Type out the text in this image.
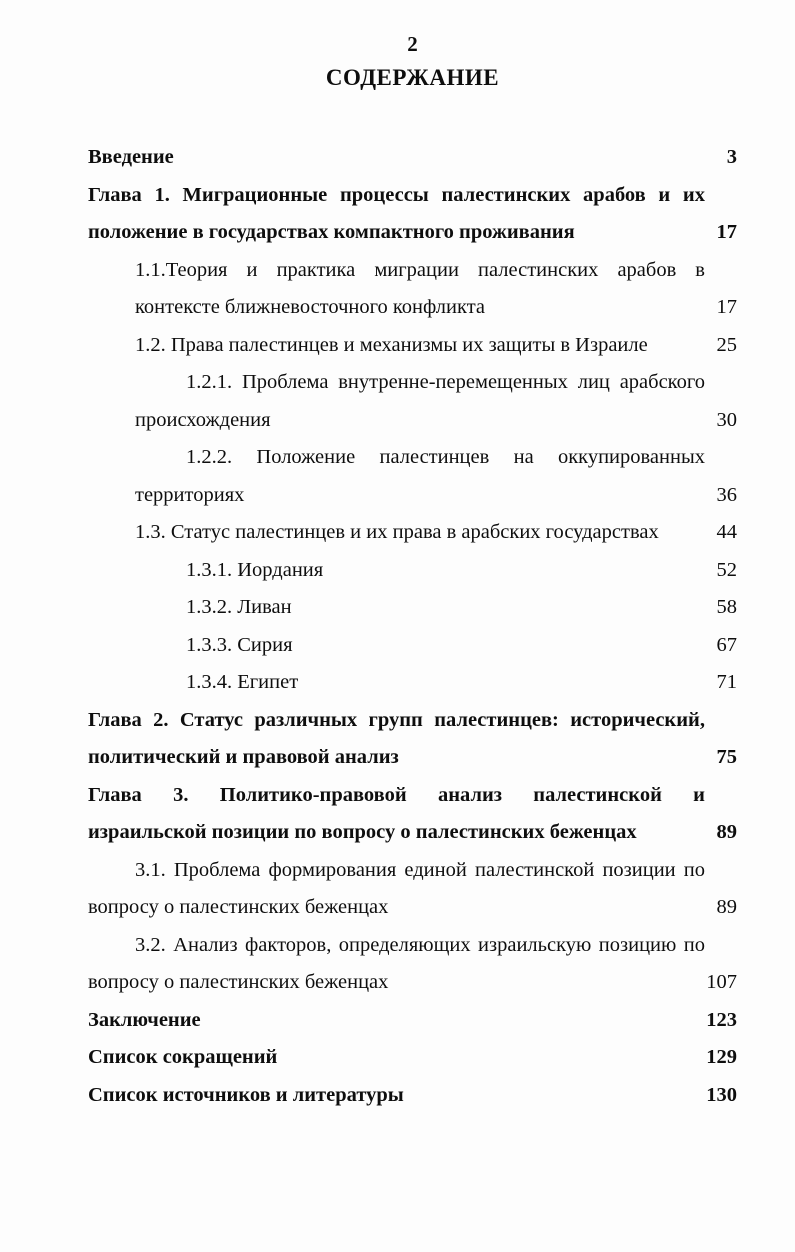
2
СОДЕРЖАНИЕ
Введение	3
Глава 1. Миграционные процессы палестинских арабов и их
положение в государствах компактного проживания	17
1.1.Теория и практика миграции палестинских арабов в
контексте ближневосточного конфликта	17
1.2. Права палестинцев и механизмы их защиты в Израиле	25
1.2.1. Проблема внутренне-перемещенных лиц арабского
происхождения	30
1.2.2. Положение палестинцев на оккупированных
территориях	36
1.3. Статус палестинцев и их права в арабских государствах	44
1.3.1. Иордания	52
1.3.2. Ливан	58
1.3.3. Сирия	67
1.3.4. Египет	71
Глава 2. Статус различных групп палестинцев: исторический,
политический и правовой анализ	75
Глава 3. Политико-правовой анализ палестинской и
израильской позиции по вопросу о палестинских беженцах	89
3.1. Проблема формирования единой палестинской позиции по
вопросу о палестинских беженцах	89
3.2. Анализ факторов, определяющих израильскую позицию по
вопросу о палестинских беженцах	107
Заключение	123
Список сокращений	129
Список источников и литературы	130
